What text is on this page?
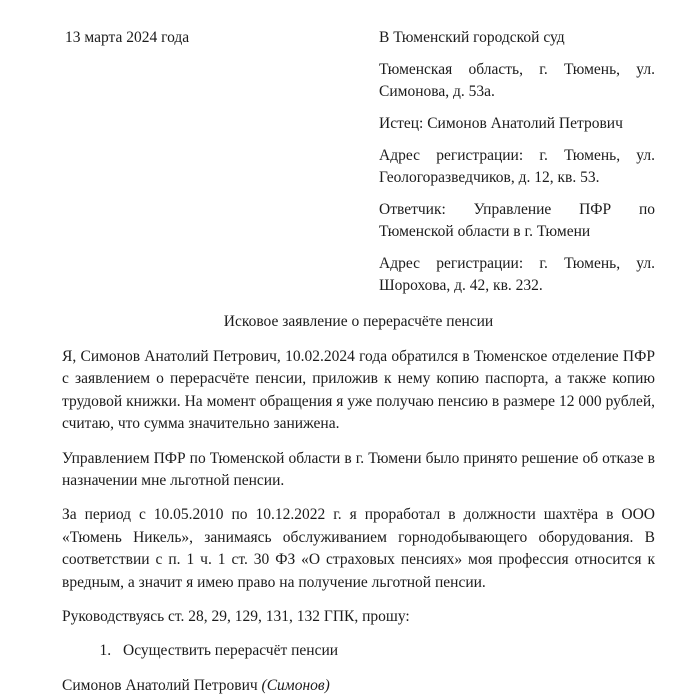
13 марта 2024 года	В Тюменский городской суд

Тюменская область, г. Тюмень, ул. Симонова, д. 53а.

Истец: Симонов Анатолий Петрович

Адрес регистрации: г. Тюмень, ул. Геологоразведчиков, д. 12, кв. 53.

Ответчик: Управление ПФР по Тюменской области в г. Тюмени

Адрес регистрации: г. Тюмень, ул. Шорохова, д. 42, кв. 232.

Исковое заявление о перерасчёте пенсии

Я, Симонов Анатолий Петрович, 10.02.2024 года обратился в Тюменское отделение ПФР с заявлением о перерасчёте пенсии, приложив к нему копию паспорта, а также копию трудовой книжки. На момент обращения я уже получаю пенсию в размере 12 000 рублей, считаю, что сумма значительно занижена.

Управлением ПФР по Тюменской области в г. Тюмени было принято решение об отказе в назначении мне льготной пенсии.

За период с 10.05.2010 по 10.12.2022 г. я проработал в должности шахтёра в ООО «Тюмень Никель», занимаясь обслуживанием горнодобывающего оборудования. В соответствии с п. 1 ч. 1 ст. 30 ФЗ «О страховых пенсиях» моя профессия относится к вредным, а значит я имею право на получение льготной пенсии.

Руководствуясь ст. 28, 29, 129, 131, 132 ГПК, прошу:

1. Осуществить перерасчёт пенсии

Симонов Анатолий Петрович (Симонов)
